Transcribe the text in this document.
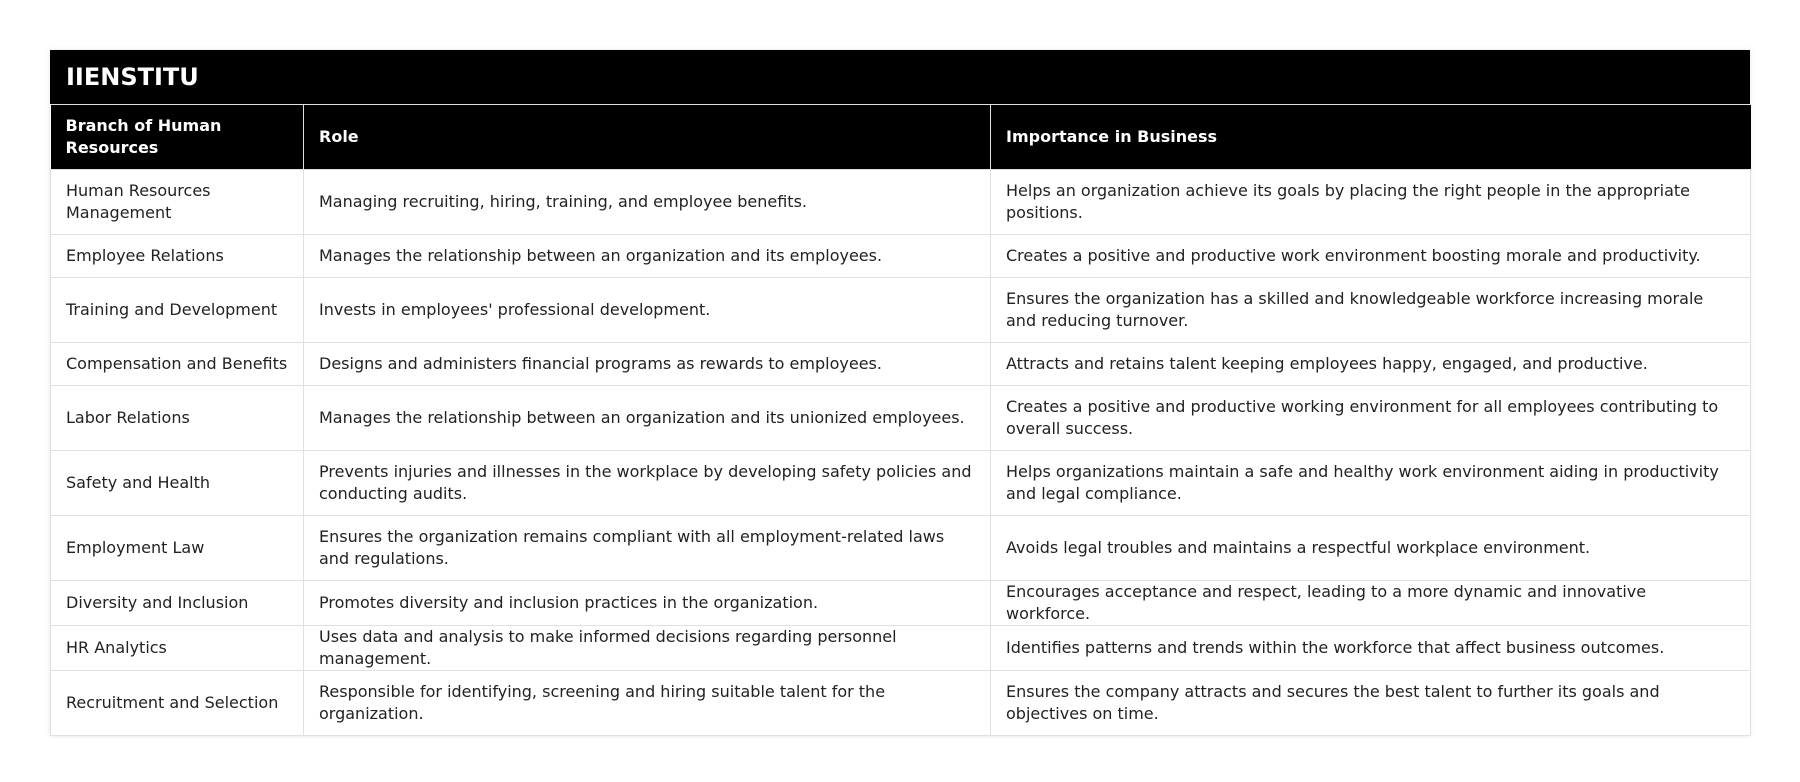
IIENSTITU
Branch of Human Resources	Role	Importance in Business
Human Resources Management	Managing recruiting, hiring, training, and employee benefits.	Helps an organization achieve its goals by placing the right people in the appropriate positions.
Employee Relations	Manages the relationship between an organization and its employees.	Creates a positive and productive work environment boosting morale and productivity.
Training and Development	Invests in employees' professional development.	Ensures the organization has a skilled and knowledgeable workforce increasing morale and reducing turnover.
Compensation and Benefits	Designs and administers financial programs as rewards to employees.	Attracts and retains talent keeping employees happy, engaged, and productive.
Labor Relations	Manages the relationship between an organization and its unionized employees.	Creates a positive and productive working environment for all employees contributing to overall success.
Safety and Health	Prevents injuries and illnesses in the workplace by developing safety policies and conducting audits.	Helps organizations maintain a safe and healthy work environment aiding in productivity and legal compliance.
Employment Law	Ensures the organization remains compliant with all employment-related laws and regulations.	Avoids legal troubles and maintains a respectful workplace environment.
Diversity and Inclusion	Promotes diversity and inclusion practices in the organization.	Encourages acceptance and respect, leading to a more dynamic and innovative workforce.
HR Analytics	Uses data and analysis to make informed decisions regarding personnel management.	Identifies patterns and trends within the workforce that affect business outcomes.
Recruitment and Selection	Responsible for identifying, screening and hiring suitable talent for the organization.	Ensures the company attracts and secures the best talent to further its goals and objectives on time.
